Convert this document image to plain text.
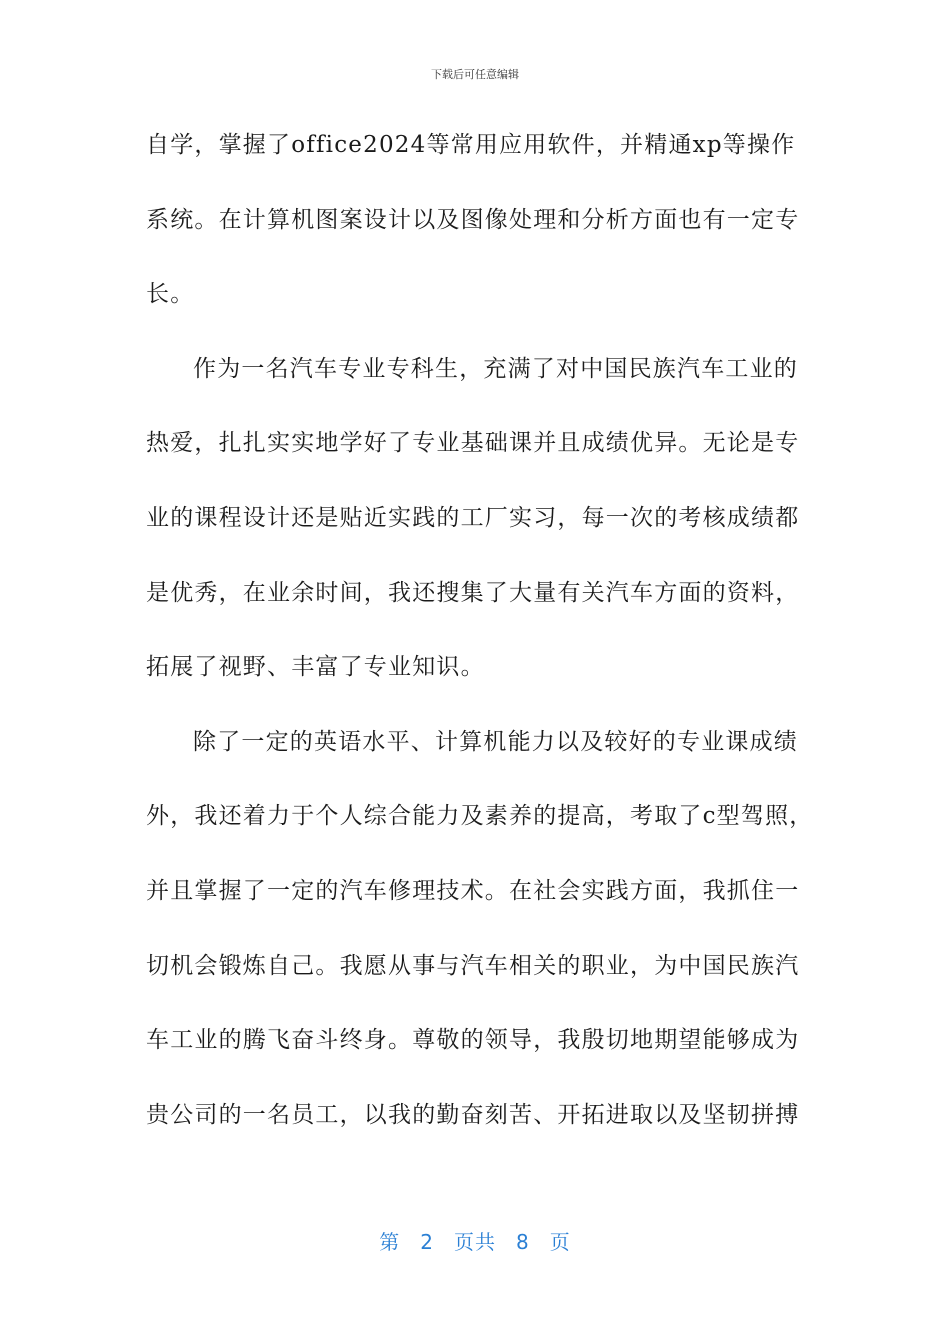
下载后可任意编辑
自学，掌握了office2024等常用应用软件，并精通xp等操作
系统。在计算机图案设计以及图像处理和分析方面也有一定专
长。
作为一名汽车专业专科生，充满了对中国民族汽车工业的
热爱，扎扎实实地学好了专业基础课并且成绩优异。无论是专
业的课程设计还是贴近实践的工厂实习，每一次的考核成绩都
是优秀，在业余时间，我还搜集了大量有关汽车方面的资料，
拓展了视野、丰富了专业知识。
除了一定的英语水平、计算机能力以及较好的专业课成绩
外，我还着力于个人综合能力及素养的提高，考取了c型驾照，
并且掌握了一定的汽车修理技术。在社会实践方面，我抓住一
切机会锻炼自己。我愿从事与汽车相关的职业，为中国民族汽
车工业的腾飞奋斗终身。尊敬的领导，我殷切地期望能够成为
贵公司的一名员工，以我的勤奋刻苦、开拓进取以及坚韧拼搏
第 2 页共 8 页
